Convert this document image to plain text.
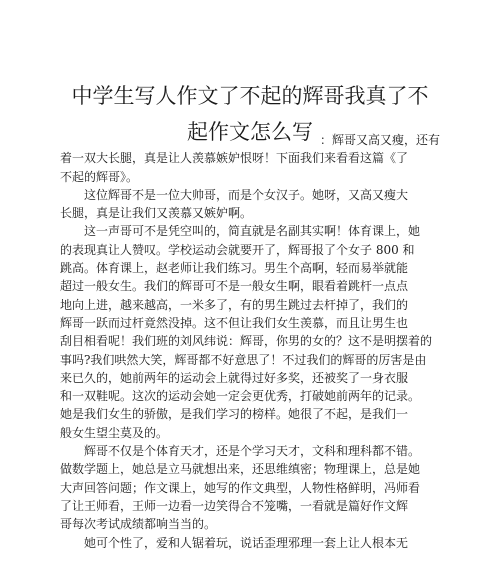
中学生写人作文了不起的辉哥我真了不
起作文怎么写 ：辉哥又高又瘦，还有
着一双大长腿，真是让人羡慕嫉妒恨呀！下面我们来看看这篇《了
不起的辉哥》。
这位辉哥不是一位大帅哥，而是个女汉子。她呀，又高又瘦大
长腿，真是让我们又羡慕又嫉妒啊。
这一声哥可不是凭空叫的，简直就是名副其实啊！体育课上，她
的表现真让人赞叹。学校运动会就要开了，辉哥报了个女子 800 和
跳高。体育课上，赵老师让我们练习。男生个高啊，轻而易举就能
超过一般女生。我们的辉哥可不是一般女生啊，眼看着跳杆一点点
地向上进，越来越高，一米多了，有的男生跳过去杆掉了，我们的
辉哥一跃而过杆竟然没掉。这不但让我们女生羡慕，而且让男生也
刮目相看呢！我们班的刘风纬说：辉哥，你男的女的？这不是明摆着的
事吗?我们哄然大笑，辉哥都不好意思了！不过我们的辉哥的厉害是由
来已久的，她前两年的运动会上就得过好多奖，还被奖了一身衣服
和一双鞋呢。这次的运动会她一定会更优秀，打破她前两年的记录。
她是我们女生的骄傲，是我们学习的榜样。她很了不起，是我们一
般女生望尘莫及的。
辉哥不仅是个体育天才，还是个学习天才，文科和理科都不错。
做数学题上，她总是立马就想出来，还思维缜密；物理课上，总是她
大声回答问题；作文课上，她写的作文典型，人物性格鲜明，冯师看
了让王师看，王师一边看一边笑得合不笼嘴，一看就是篇好作文辉
哥每次考试成绩都响当当的。
她可个性了，爱和人锯着玩，说话歪理邪理一套上让人根本无
